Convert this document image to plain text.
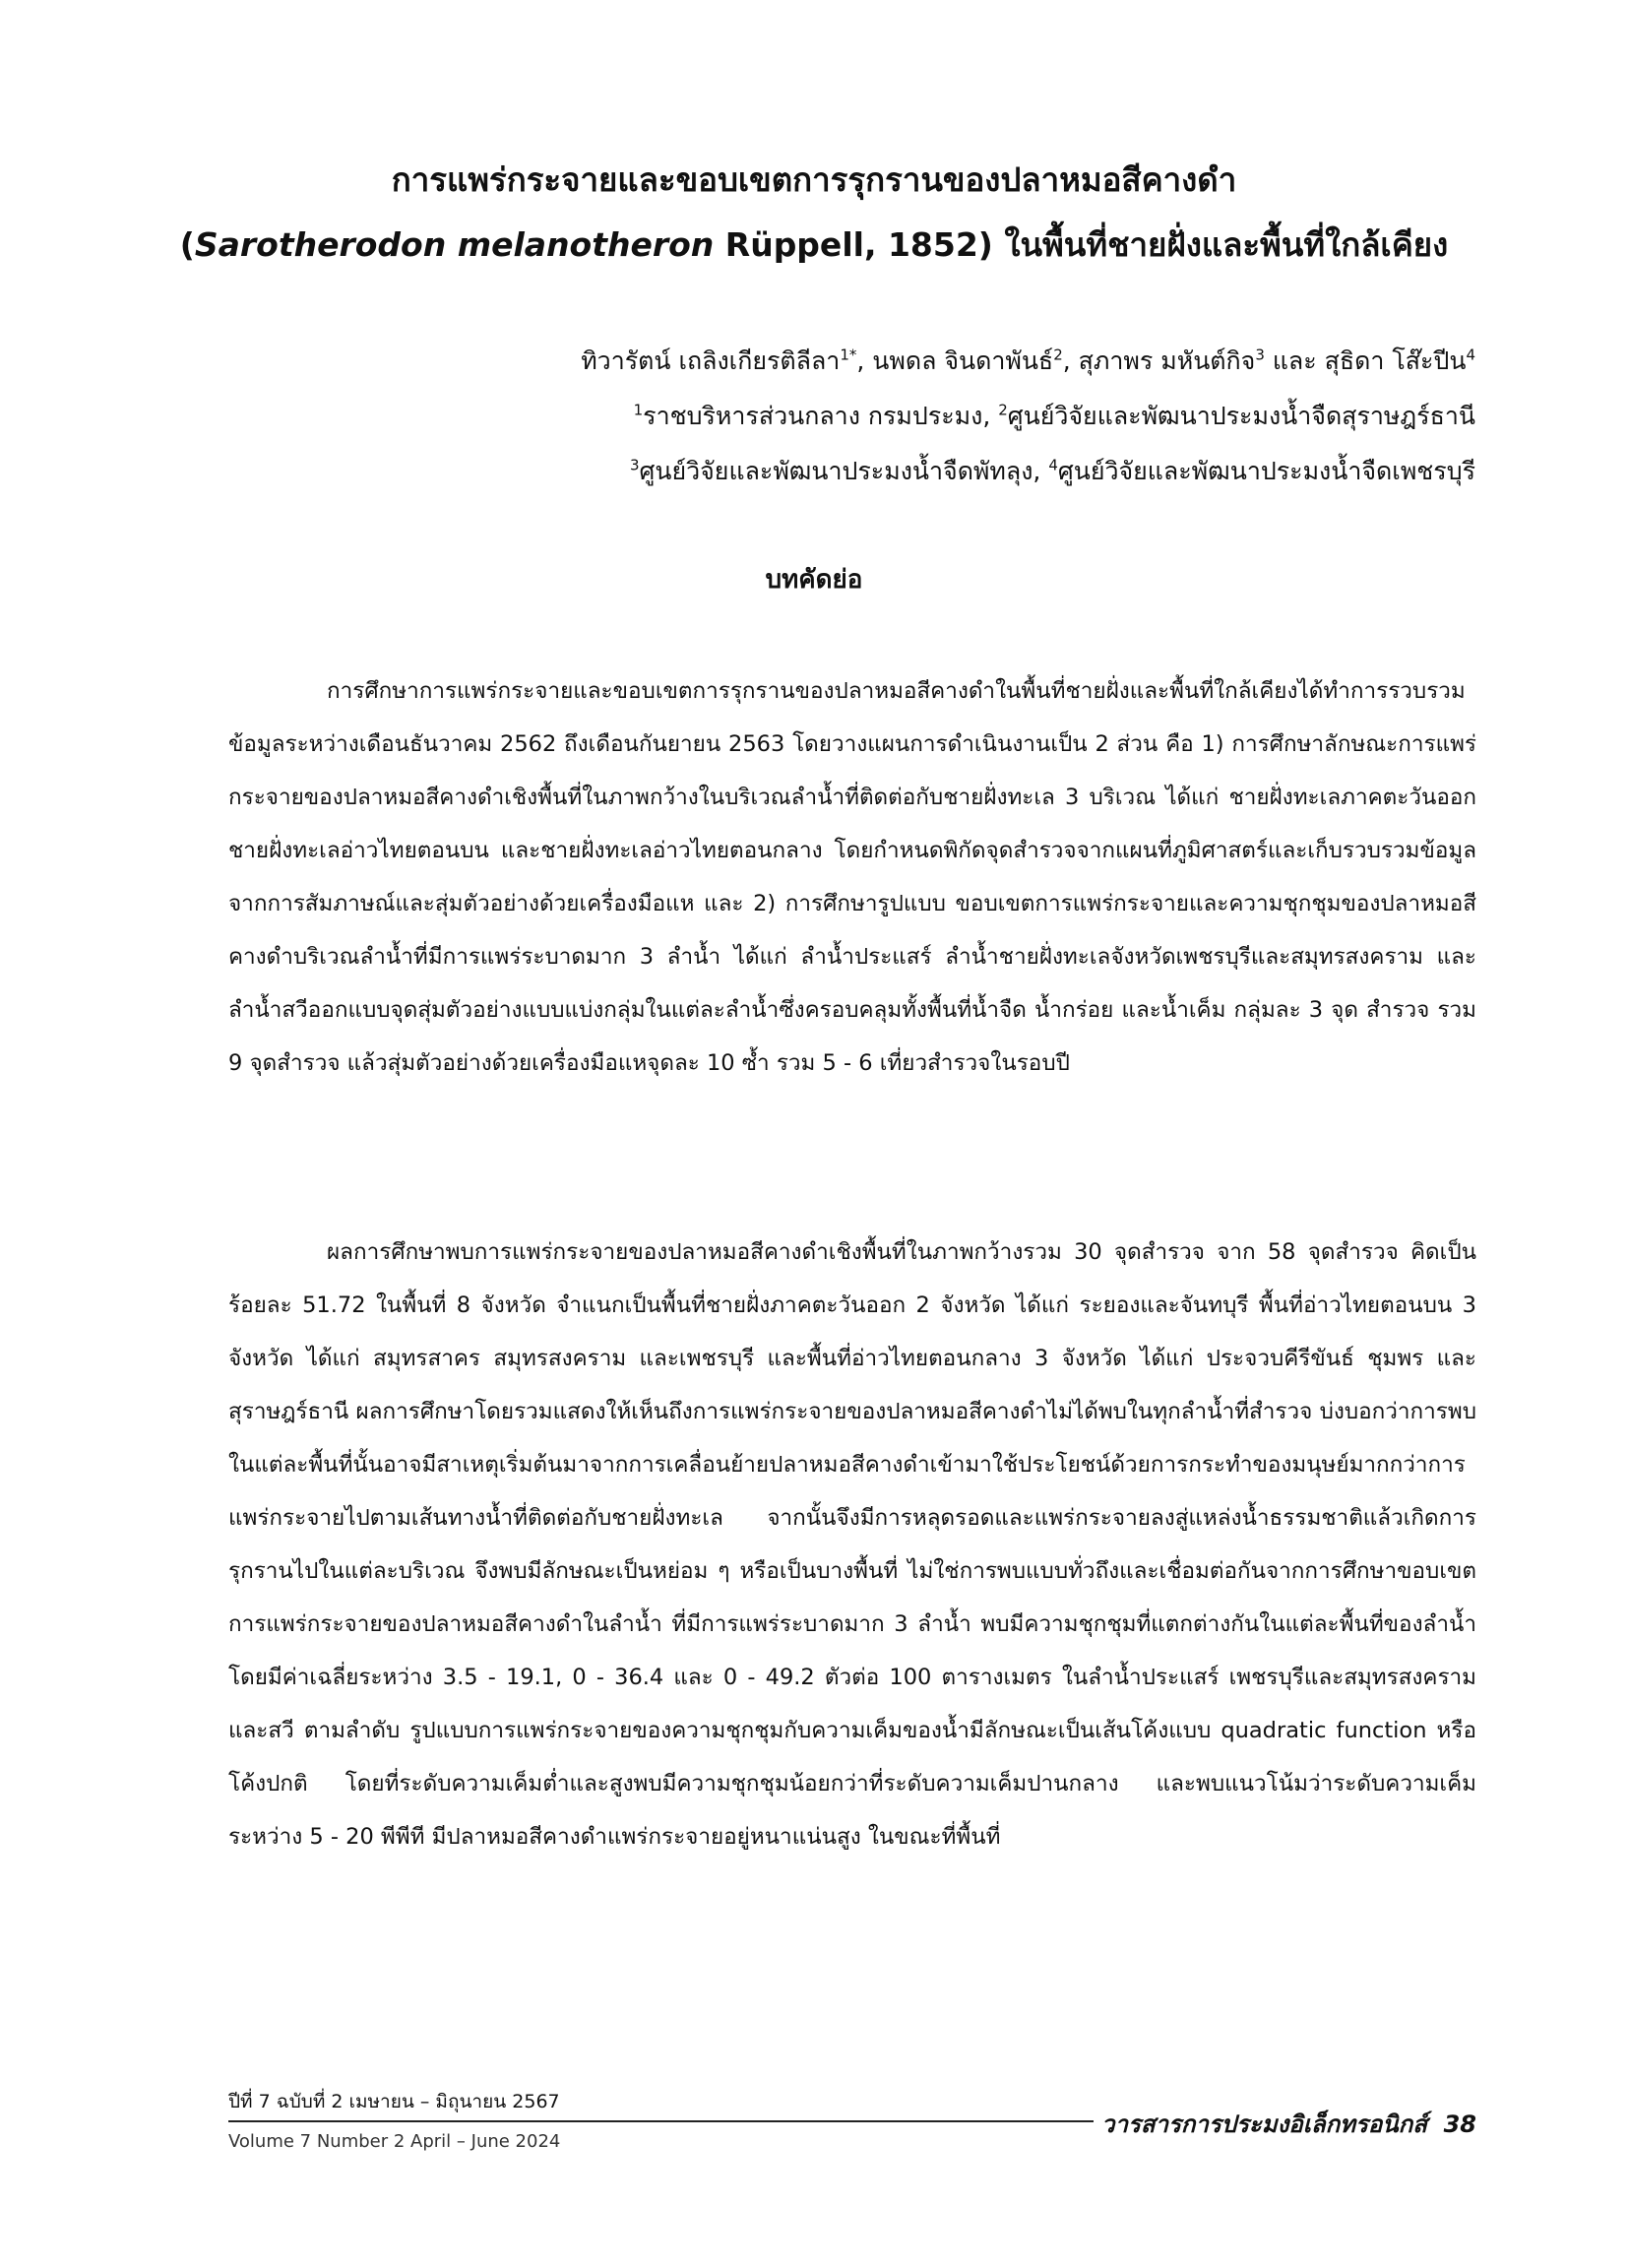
การแพร่กระจายและขอบเขตการรุกรานของปลาหมอสีคางดำ
(Sarotherodon melanotheron Rüppell, 1852) ในพื้นที่ชายฝั่งและพื้นที่ใกล้เคียง
ทิวารัตน์ เถลิงเกียรติลีลา$^{1*}$, นพดล จินดาพันธ์$^2$, สุภาพร มหันต์กิจ$^3$ และ สุธิดา โส๊ะปีน$^4$
$^1$ราชบริหารส่วนกลาง กรมประมง, $^2$ศูนย์วิจัยและพัฒนาประมงน้ำจืดสุราษฎร์ธานี
$^3$ศูนย์วิจัยและพัฒนาประมงน้ำจืดพัทลุง, $^4$ศูนย์วิจัยและพัฒนาประมงน้ำจืดเพชรบุรี
บทคัดย่อ

การศึกษาการแพร่กระจายและขอบเขตการรุกรานของปลาหมอสีคางดำในพื้นที่ชายฝั่งและพื้นที่ใกล้เคียงได้ทำการรวบรวมข้อมูลระหว่างเดือนธันวาคม 2562 ถึงเดือนกันยายน 2563 โดยวางแผนการดำเนินงานเป็น 2 ส่วน คือ 1) การศึกษาลักษณะการแพร่กระจายของปลาหมอสีคางดำเชิงพื้นที่ในภาพกว้างในบริเวณลำน้ำที่ติดต่อกับชายฝั่งทะเล 3 บริเวณ ได้แก่ ชายฝั่งทะเลภาคตะวันออก ชายฝั่งทะเลอ่าวไทยตอนบน และชายฝั่งทะเลอ่าวไทยตอนกลาง โดยกำหนดพิกัดจุดสำรวจจากแผนที่ภูมิศาสตร์และเก็บรวบรวมข้อมูลจากการสัมภาษณ์และสุ่มตัวอย่างด้วยเครื่องมือแห และ 2) การศึกษารูปแบบ ขอบเขตการแพร่กระจายและความชุกชุมของปลาหมอสีคางดำบริเวณลำน้ำที่มีการแพร่ระบาดมาก 3 ลำน้ำ ได้แก่ ลำน้ำประแสร์ ลำน้ำชายฝั่งทะเลจังหวัดเพชรบุรีและสมุทรสงคราม และลำน้ำสวีออกแบบจุดสุ่มตัวอย่างแบบแบ่งกลุ่มในแต่ละลำน้ำซึ่งครอบคลุมทั้งพื้นที่น้ำจืด น้ำกร่อย และน้ำเค็ม กลุ่มละ 3 จุด สำรวจ รวม 9 จุดสำรวจ แล้วสุ่มตัวอย่างด้วยเครื่องมือแหจุดละ 10 ซ้ำ รวม 5 - 6 เที่ยวสำรวจในรอบปี

ผลการศึกษาพบการแพร่กระจายของปลาหมอสีคางดำเชิงพื้นที่ในภาพกว้างรวม 30 จุดสำรวจ จาก 58 จุดสำรวจ คิดเป็นร้อยละ 51.72 ในพื้นที่ 8 จังหวัด จำแนกเป็นพื้นที่ชายฝั่งภาคตะวันออก 2 จังหวัด ได้แก่ ระยองและจันทบุรี พื้นที่อ่าวไทยตอนบน 3 จังหวัด ได้แก่ สมุทรสาคร สมุทรสงคราม และเพชรบุรี และพื้นที่อ่าวไทยตอนกลาง 3 จังหวัด ได้แก่ ประจวบคีรีขันธ์ ชุมพร และสุราษฎร์ธานี ผลการศึกษาโดยรวมแสดงให้เห็นถึงการแพร่กระจายของปลาหมอสีคางดำไม่ได้พบในทุกลำน้ำที่สำรวจ บ่งบอกว่าการพบในแต่ละพื้นที่นั้นอาจมีสาเหตุเริ่มต้นมาจากการเคลื่อนย้ายปลาหมอสีคางดำเข้ามาใช้ประโยชน์ด้วยการกระทำของมนุษย์มากกว่าการแพร่กระจายไปตามเส้นทางน้ำที่ติดต่อกับชายฝั่งทะเล จากนั้นจึงมีการหลุดรอดและแพร่กระจายลงสู่แหล่งน้ำธรรมชาติแล้วเกิดการรุกรานไปในแต่ละบริเวณ จึงพบมีลักษณะเป็นหย่อม ๆ หรือเป็นบางพื้นที่ ไม่ใช่การพบแบบทั่วถึงและเชื่อมต่อกันจากการศึกษาขอบเขตการแพร่กระจายของปลาหมอสีคางดำในลำน้ำ ที่มีการแพร่ระบาดมาก 3 ลำน้ำ พบมีความชุกชุมที่แตกต่างกันในแต่ละพื้นที่ของลำน้ำ โดยมีค่าเฉลี่ยระหว่าง 3.5 - 19.1, 0 - 36.4 และ 0 - 49.2 ตัวต่อ 100 ตารางเมตร ในลำน้ำประแสร์ เพชรบุรีและสมุทรสงคราม และสวี ตามลำดับ รูปแบบการแพร่กระจายของความชุกชุมกับความเค็มของน้ำมีลักษณะเป็นเส้นโค้งแบบ quadratic function หรือโค้งปกติ โดยที่ระดับความเค็มต่ำและสูงพบมีความชุกชุมน้อยกว่าที่ระดับความเค็มปานกลาง และพบแนวโน้มว่าระดับความเค็มระหว่าง 5 - 20 พีพีที มีปลาหมอสีคางดำแพร่กระจายอยู่หนาแน่นสูง ในขณะที่พื้นที่

ปีที่ 7 ฉบับที่ 2 เมษายน – มิถุนายน 2567
วารสารการประมงอิเล็กทรอนิกส์ 38
Volume 7 Number 2 April – June 2024
